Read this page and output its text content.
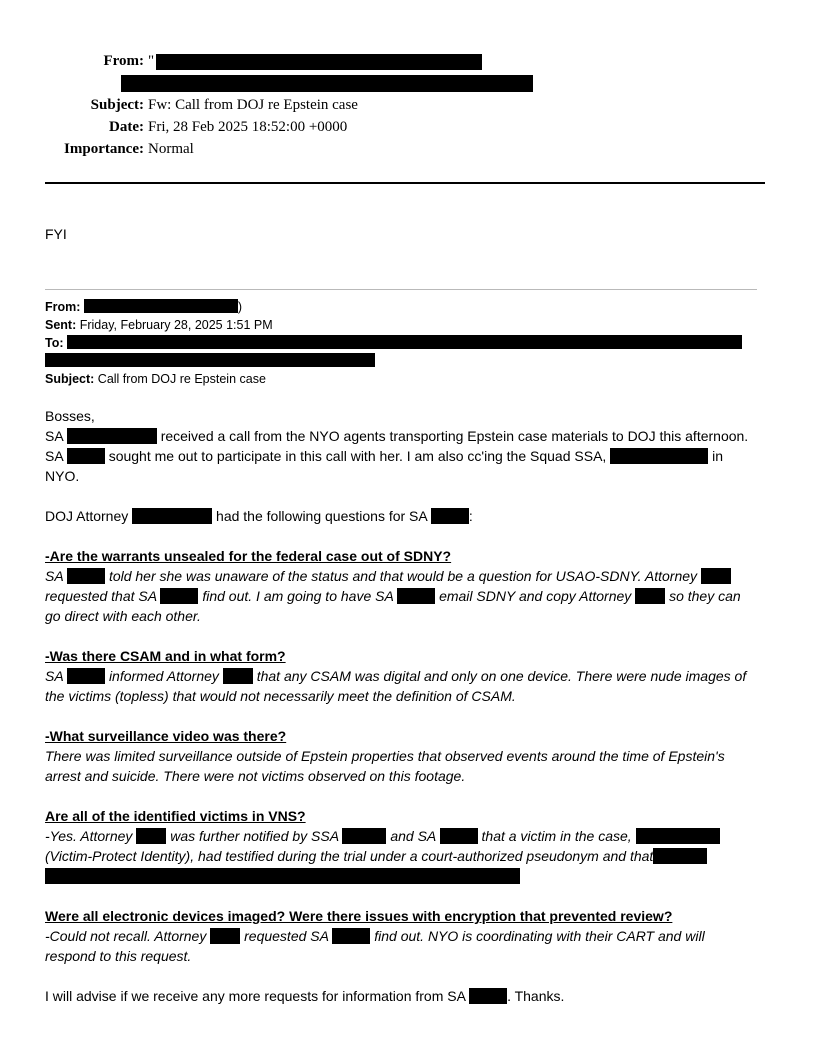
From: "
Subject: Fw: Call from DOJ re Epstein case
Date: Fri, 28 Feb 2025 18:52:00 +0000
Importance: Normal
FYI
From:	)
Sent: Friday, February 28, 2025 1:51 PM
To:
Subject: Call from DOJ re Epstein case

Bosses,

SA	received a call from the NYO agents transporting Epstein case materials to DOJ this afternoon.

SA	sought me out to participate in this call with her. I am also cc'ing the Squad SSA,	in

NYO.

DOJ Attorney	had the following questions for SA	:

-Are the warrants unsealed for the federal case out of SDNY?

SA	told her she was unaware of the status and that would be a question for USAO-SDNY. Attorney

requested that SA	find out. I am going to have SA	email SDNY and copy Attorney	so they can

go direct with each other.

-Was there CSAM and in what form?

SA	informed Attorney	that any CSAM was digital and only on one device. There were nude images of

the victims (topless) that would not necessarily meet the definition of CSAM.

-What surveillance video was there?

There was limited surveillance outside of Epstein properties that observed events around the time of Epstein's

arrest and suicide. There were not victims observed on this footage.

Are all of the identified victims in VNS?

-Yes. Attorney	was further notified by SSA	and SA	that a victim in the case,

(Victim-Protect Identity), had testified during the trial under a court-authorized pseudonym and that

Were all electronic devices imaged? Were there issues with encryption that prevented review?

-Could not recall. Attorney	requested SA	find out. NYO is coordinating with their CART and will

respond to this request.

I will advise if we receive any more requests for information from SA	. Thanks.
